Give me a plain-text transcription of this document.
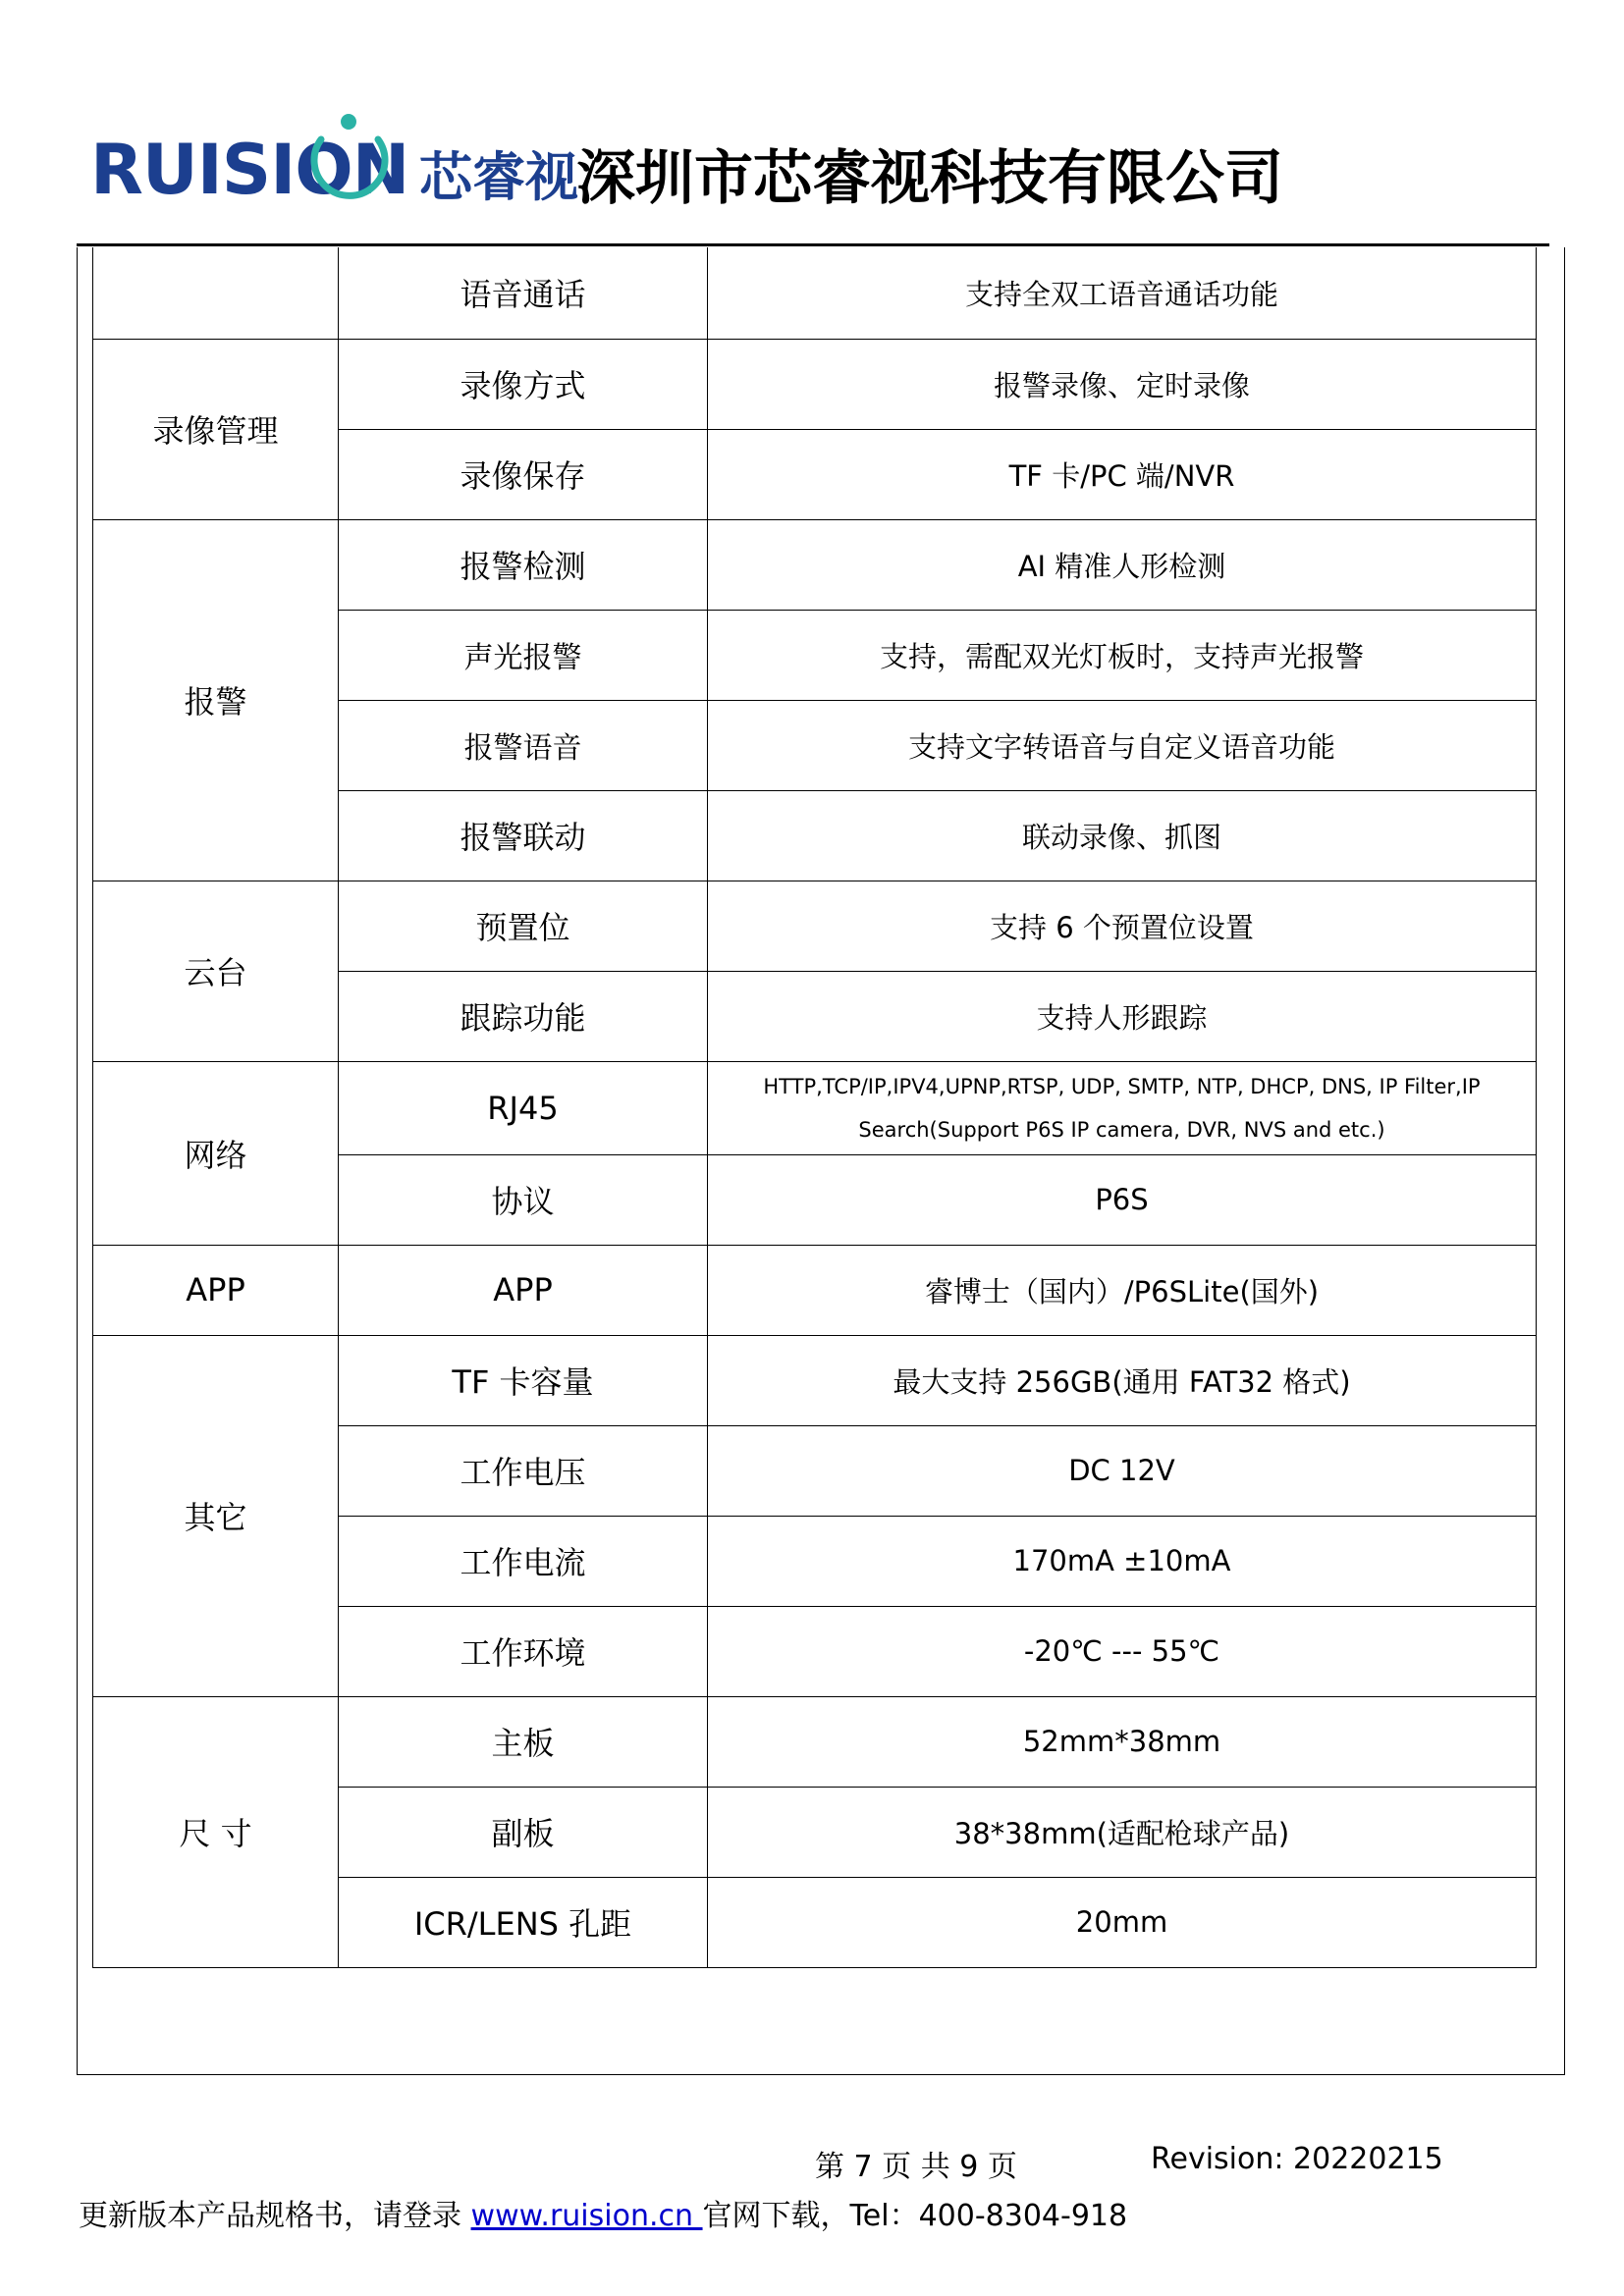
RUISION 芯睿视
深圳市芯睿视科技有限公司
	语音通话	支持全双工语音通话功能
录像管理	录像方式	报警录像、定时录像
	录像保存	TF 卡/PC 端/NVR
报警	报警检测	AI 精准人形检测
	声光报警	支持，需配双光灯板时，支持声光报警
	报警语音	支持文字转语音与自定义语音功能
	报警联动	联动录像、抓图
云台	预置位	支持 6 个预置位设置
	跟踪功能	支持人形跟踪
网络	RJ45	HTTP,TCP/IP,IPV4,UPNP,RTSP, UDP, SMTP, NTP, DHCP, DNS, IP Filter,IP
Search(Support P6S IP camera, DVR, NVS and etc.)

	协议	P6S
APP	APP	睿博士（国内）/P6SLite(国外)
其它	TF 卡容量	最大支持 256GB(通用 FAT32 格式)
	工作电压	DC 12V
	工作电流	170mA ±10mA
	工作环境	-20℃ --- 55℃
尺 寸	主板	52mm*38mm
	副板	38*38mm(适配枪球产品)
	ICR/LENS 孔距	20mm
第 7 页 共 9 页	Revision: 20220215
更新版本产品规格书，请登录 www.ruision.cn 官网下载，Tel：400-8304-918
